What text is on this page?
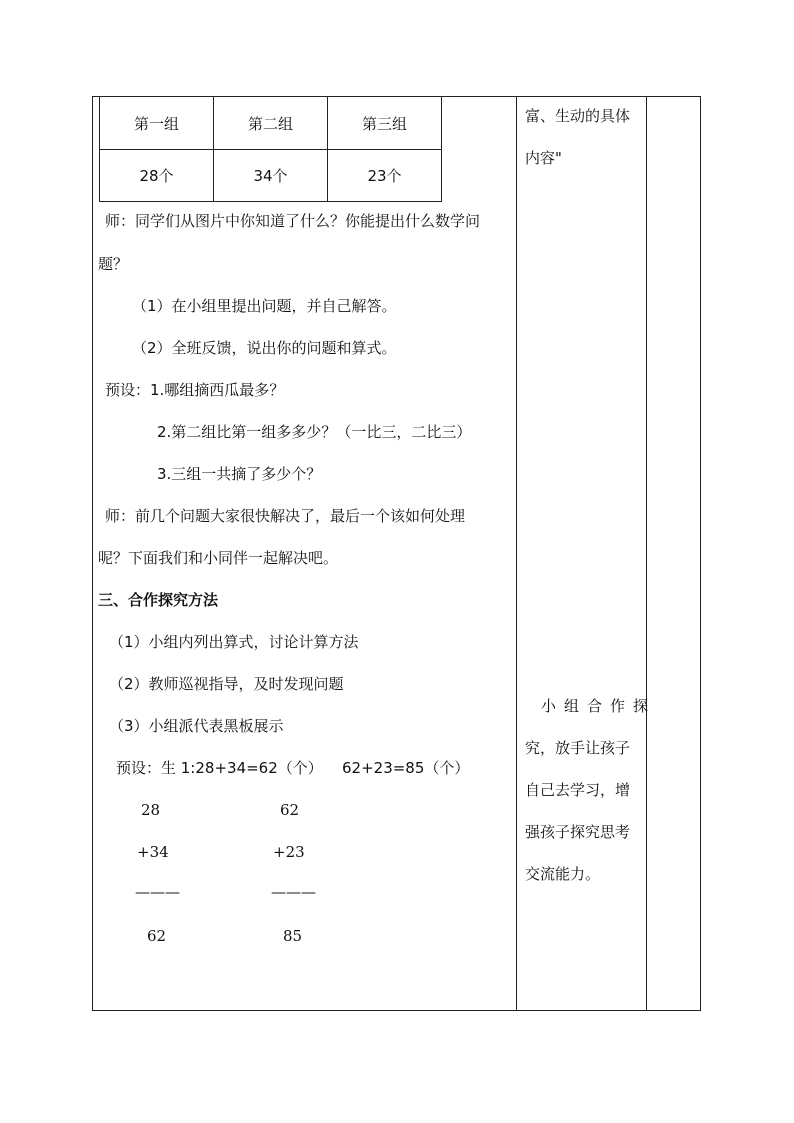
第一组	第二组	第三组
28个	34个	23个
师：同学们从图片中你知道了什么？你能提出什么数学问
题？
（1）在小组里提出问题，并自己解答。
（2）全班反馈，说出你的问题和算式。
预设：1.哪组摘西瓜最多？
2.第二组比第一组多多少？（一比三，二比三）
3.三组一共摘了多少个？
师：前几个问题大家很快解决了，最后一个该如何处理
呢？下面我们和小同伴一起解决吧。
三、合作探究方法
（1）小组内列出算式，讨论计算方法
（2）教师巡视指导，及时发现问题
（3）小组派代表黑板展示
预设：生 1:28+34=62（个） 62+23=85（个）
28
+34
———
62
62
+23
———
85
富、生动的具体
内容"
小组合作探
究，放手让孩子
自己去学习，增
强孩子探究思考
交流能力。
